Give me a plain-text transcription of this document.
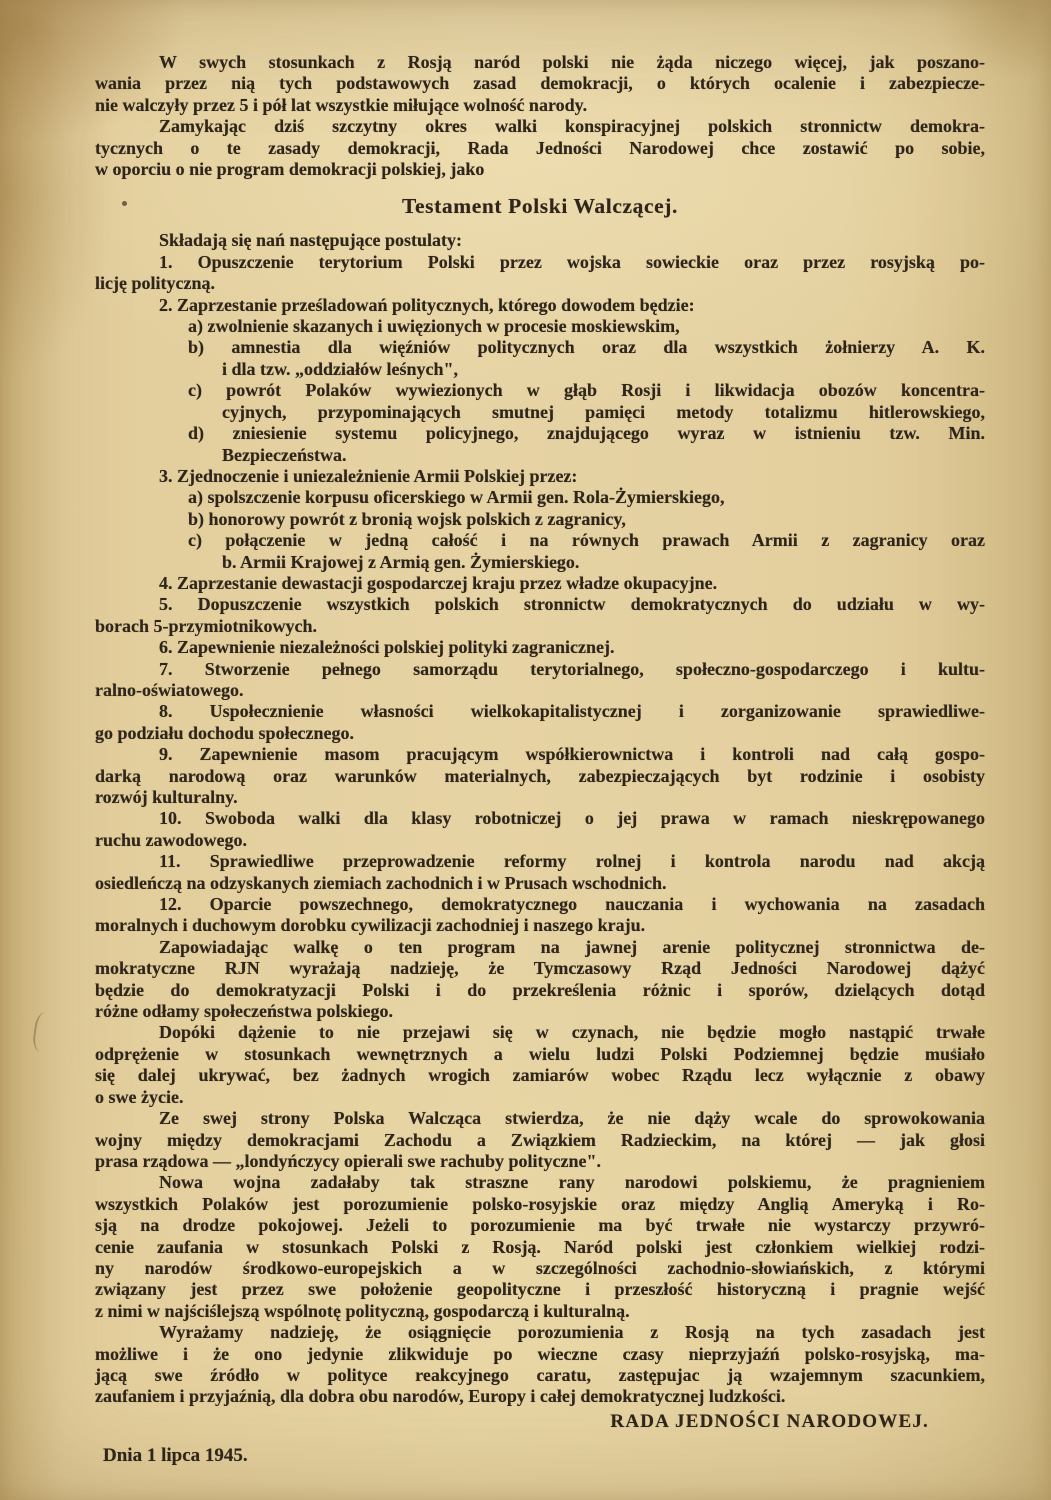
W swych stosunkach z Rosją naród polski nie żąda niczego więcej, jak poszano-
wania przez nią tych podstawowych zasad demokracji, o których ocalenie i zabezpiecze-
nie walczyły przez 5 i pół lat wszystkie miłujące wolność narody.
Zamykając dziś szczytny okres walki konspiracyjnej polskich stronnictw demokra-
tycznych o te zasady demokracji, Rada Jedności Narodowej chce zostawić po sobie,
w oporciu o nie program demokracji polskiej, jako
Testament Polski Walczącej.
Składają się nań następujące postulaty:
1. Opuszczenie terytorium Polski przez wojska sowieckie oraz przez rosyjską po-
licję polityczną.
2. Zaprzestanie prześladowań politycznych, którego dowodem będzie:
a) zwolnienie skazanych i uwięzionych w procesie moskiewskim,
b) amnestia dla więźniów politycznych oraz dla wszystkich żołnierzy A. K.
i dla tzw. „oddziałów leśnych",
c) powrót Polaków wywiezionych w głąb Rosji i likwidacja obozów koncentra-
cyjnych, przypominających smutnej pamięci metody totalizmu hitlerowskiego,
d) zniesienie systemu policyjnego, znajdującego wyraz w istnieniu tzw. Min.
Bezpieczeństwa.
3. Zjednoczenie i uniezależnienie Armii Polskiej przez:
a) spolszczenie korpusu oficerskiego w Armii gen. Rola-Żymierskiego,
b) honorowy powrót z bronią wojsk polskich z zagranicy,
c) połączenie w jedną całość i na równych prawach Armii z zagranicy oraz
b. Armii Krajowej z Armią gen. Żymierskiego.
4. Zaprzestanie dewastacji gospodarczej kraju przez władze okupacyjne.
5. Dopuszczenie wszystkich polskich stronnictw demokratycznych do udziału w wy-
borach 5-przymiotnikowych.
6. Zapewnienie niezależności polskiej polityki zagranicznej.
7. Stworzenie pełnego samorządu terytorialnego, społeczno-gospodarczego i kultu-
ralno-oświatowego.
8. Uspołecznienie własności wielkokapitalistycznej i zorganizowanie sprawiedliwe-
go podziału dochodu społecznego.
9. Zapewnienie masom pracującym współkierownictwa i kontroli nad całą gospo-
darką narodową oraz warunków materialnych, zabezpieczających byt rodzinie i osobisty
rozwój kulturalny.
10. Swoboda walki dla klasy robotniczej o jej prawa w ramach nieskrępowanego
ruchu zawodowego.
11. Sprawiedliwe przeprowadzenie reformy rolnej i kontrola narodu nad akcją
osiedleńczą na odzyskanych ziemiach zachodnich i w Prusach wschodnich.
12. Oparcie powszechnego, demokratycznego nauczania i wychowania na zasadach
moralnych i duchowym dorobku cywilizacji zachodniej i naszego kraju.
Zapowiadając walkę o ten program na jawnej arenie politycznej stronnictwa de-
mokratyczne RJN wyrażają nadzieję, że Tymczasowy Rząd Jedności Narodowej dążyć
będzie do demokratyzacji Polski i do przekreślenia różnic i sporów, dzielących dotąd
różne odłamy społeczeństwa polskiego.
Dopóki dążenie to nie przejawi się w czynach, nie będzie mogło nastąpić trwałe
odprężenie w stosunkach wewnętrznych a wielu ludzi Polski Podziemnej będzie musiało
się dalej ukrywać, bez żadnych wrogich zamiarów wobec Rządu lecz wyłącznie z obawy
o swe życie.
Ze swej strony Polska Walcząca stwierdza, że nie dąży wcale do sprowokowania
wojny między demokracjami Zachodu a Związkiem Radzieckim, na której — jak głosi
prasa rządowa — „londyńczycy opierali swe rachuby polityczne".
Nowa wojna zadałaby tak straszne rany narodowi polskiemu, że pragnieniem
wszystkich Polaków jest porozumienie polsko-rosyjskie oraz między Anglią Ameryką i Ro-
sją na drodze pokojowej. Jeżeli to porozumienie ma być trwałe nie wystarczy przywró-
cenie zaufania w stosunkach Polski z Rosją. Naród polski jest członkiem wielkiej rodzi-
ny narodów środkowo-europejskich a w szczególności zachodnio-słowiańskich, z którymi
związany jest przez swe położenie geopolityczne i przeszłość historyczną i pragnie wejść
z nimi w najściślejszą wspólnotę polityczną, gospodarczą i kulturalną.
Wyrażamy nadzieję, że osiągnięcie porozumienia z Rosją na tych zasadach jest
możliwe i że ono jedynie zlikwiduje po wieczne czasy nieprzyjaźń polsko-rosyjską, ma-
jącą swe źródło w polityce reakcyjnego caratu, zastępujac ją wzajemnym szacunkiem,
zaufaniem i przyjaźnią, dla dobra obu narodów, Europy i całej demokratycznej ludzkości.
RADA JEDNOŚCI NARODOWEJ.
Dnia 1 lipca 1945.
